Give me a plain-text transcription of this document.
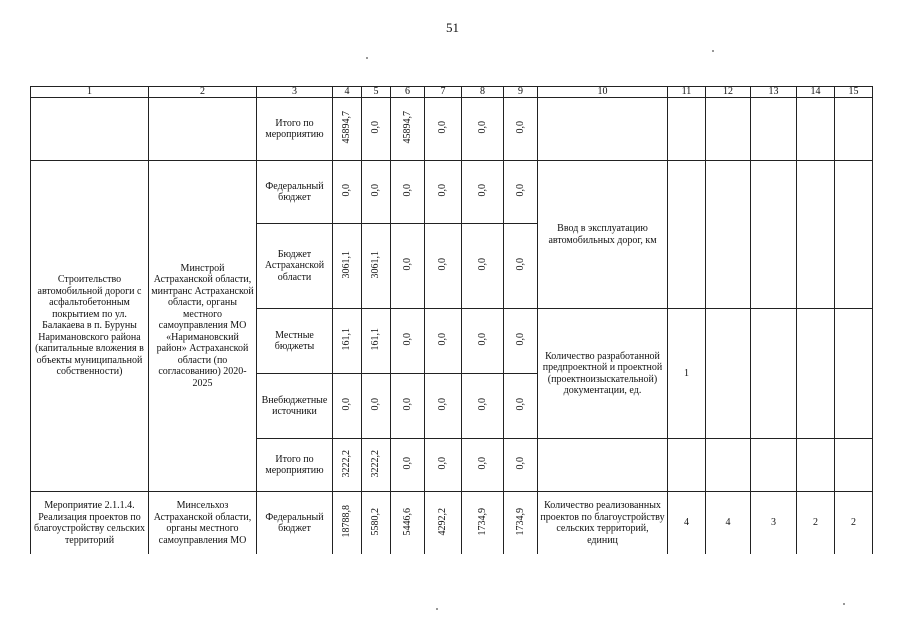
51
1	2	3	4	5	6	7	8	9	10	11	12	13	14	15
		Итого по мероприятию	45894,7	0,0	45894,7	0,0	0,0	0,0						
Строительство автомобильной дороги с асфальтобетонным покрытием по ул. Балакаева в п. Буруны Наримановского района (капитальные вложения в объекты муниципальной собственности)	Минстрой Астраханской области, минтранс Астраханской области, органы местного самоуправления МО «Наримановский район» Астраханской области (по согласованию) 2020-2025	Федеральный бюджет	0,0	0,0	0,0	0,0	0,0	0,0	Ввод в эксплуатацию автомобильных дорог, км					
		Бюджет Астраханской области	3061,1	3061,1	0,0	0,0	0,0	0,0						
		Местные бюджеты	161,1	161,1	0,0	0,0	0,0	0,0	Количество разработанной предпроектной и проектной (проектноизыскательной) документации, ед.	1				
		Внебюджетные источники	0,0	0,0	0,0	0,0	0,0	0,0						
		Итого по мероприятию	3222,2	3222,2	0,0	0,0	0,0	0,0						
Мероприятие 2.1.1.4. Реализация проектов по благоустройству сельских территорий	Минсельхоз Астраханской области, органы местного самоуправления МО	Федеральный бюджет	18788,8	5580,2	5446,6	4292,2	1734,9	1734,9	Количество реализованных проектов по благоустройству сельских территорий, единиц	4	4	3	2	2
